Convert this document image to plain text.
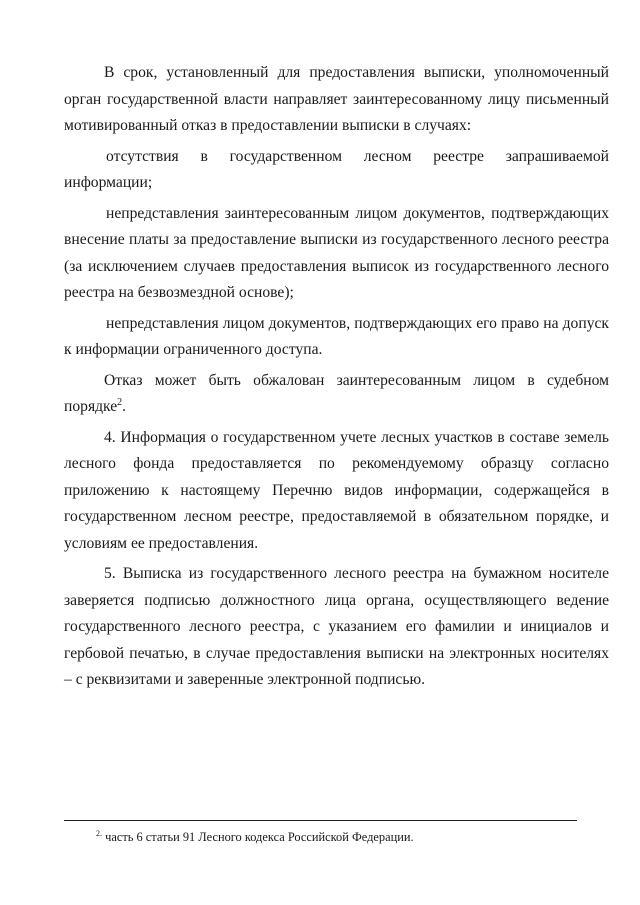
В срок, установленный для предоставления выписки, уполномоченный орган государственной власти направляет заинтересованному лицу письменный мотивированный отказ в предоставлении выписки в случаях:

отсутствия в государственном лесном реестре запрашиваемой информации;

непредставления заинтересованным лицом документов, подтверждающих внесение платы за предоставление выписки из государственного лесного реестра (за исключением случаев предоставления выписок из государственного лесного реестра на безвозмездной основе);

непредставления лицом документов, подтверждающих его право на допуск к информации ограниченного доступа.

Отказ может быть обжалован заинтересованным лицом в судебном порядке$^2$.

4. Информация о государственном учете лесных участков в составе земель лесного фонда предоставляется по рекомендуемому образцу согласно приложению к настоящему Перечню видов информации, содержащейся в государственном лесном реестре, предоставляемой в обязательном порядке, и условиям ее предоставления.

5. Выписка из государственного лесного реестра на бумажном носителе заверяется подписью должностного лица органа, осуществляющего ведение государственного лесного реестра, с указанием его фамилии и инициалов и гербовой печатью, в случае предоставления выписки на электронных носителях – с реквизитами и заверенные электронной подписью.

$^{2.}$ часть 6 статьи 91 Лесного кодекса Российской Федерации.
